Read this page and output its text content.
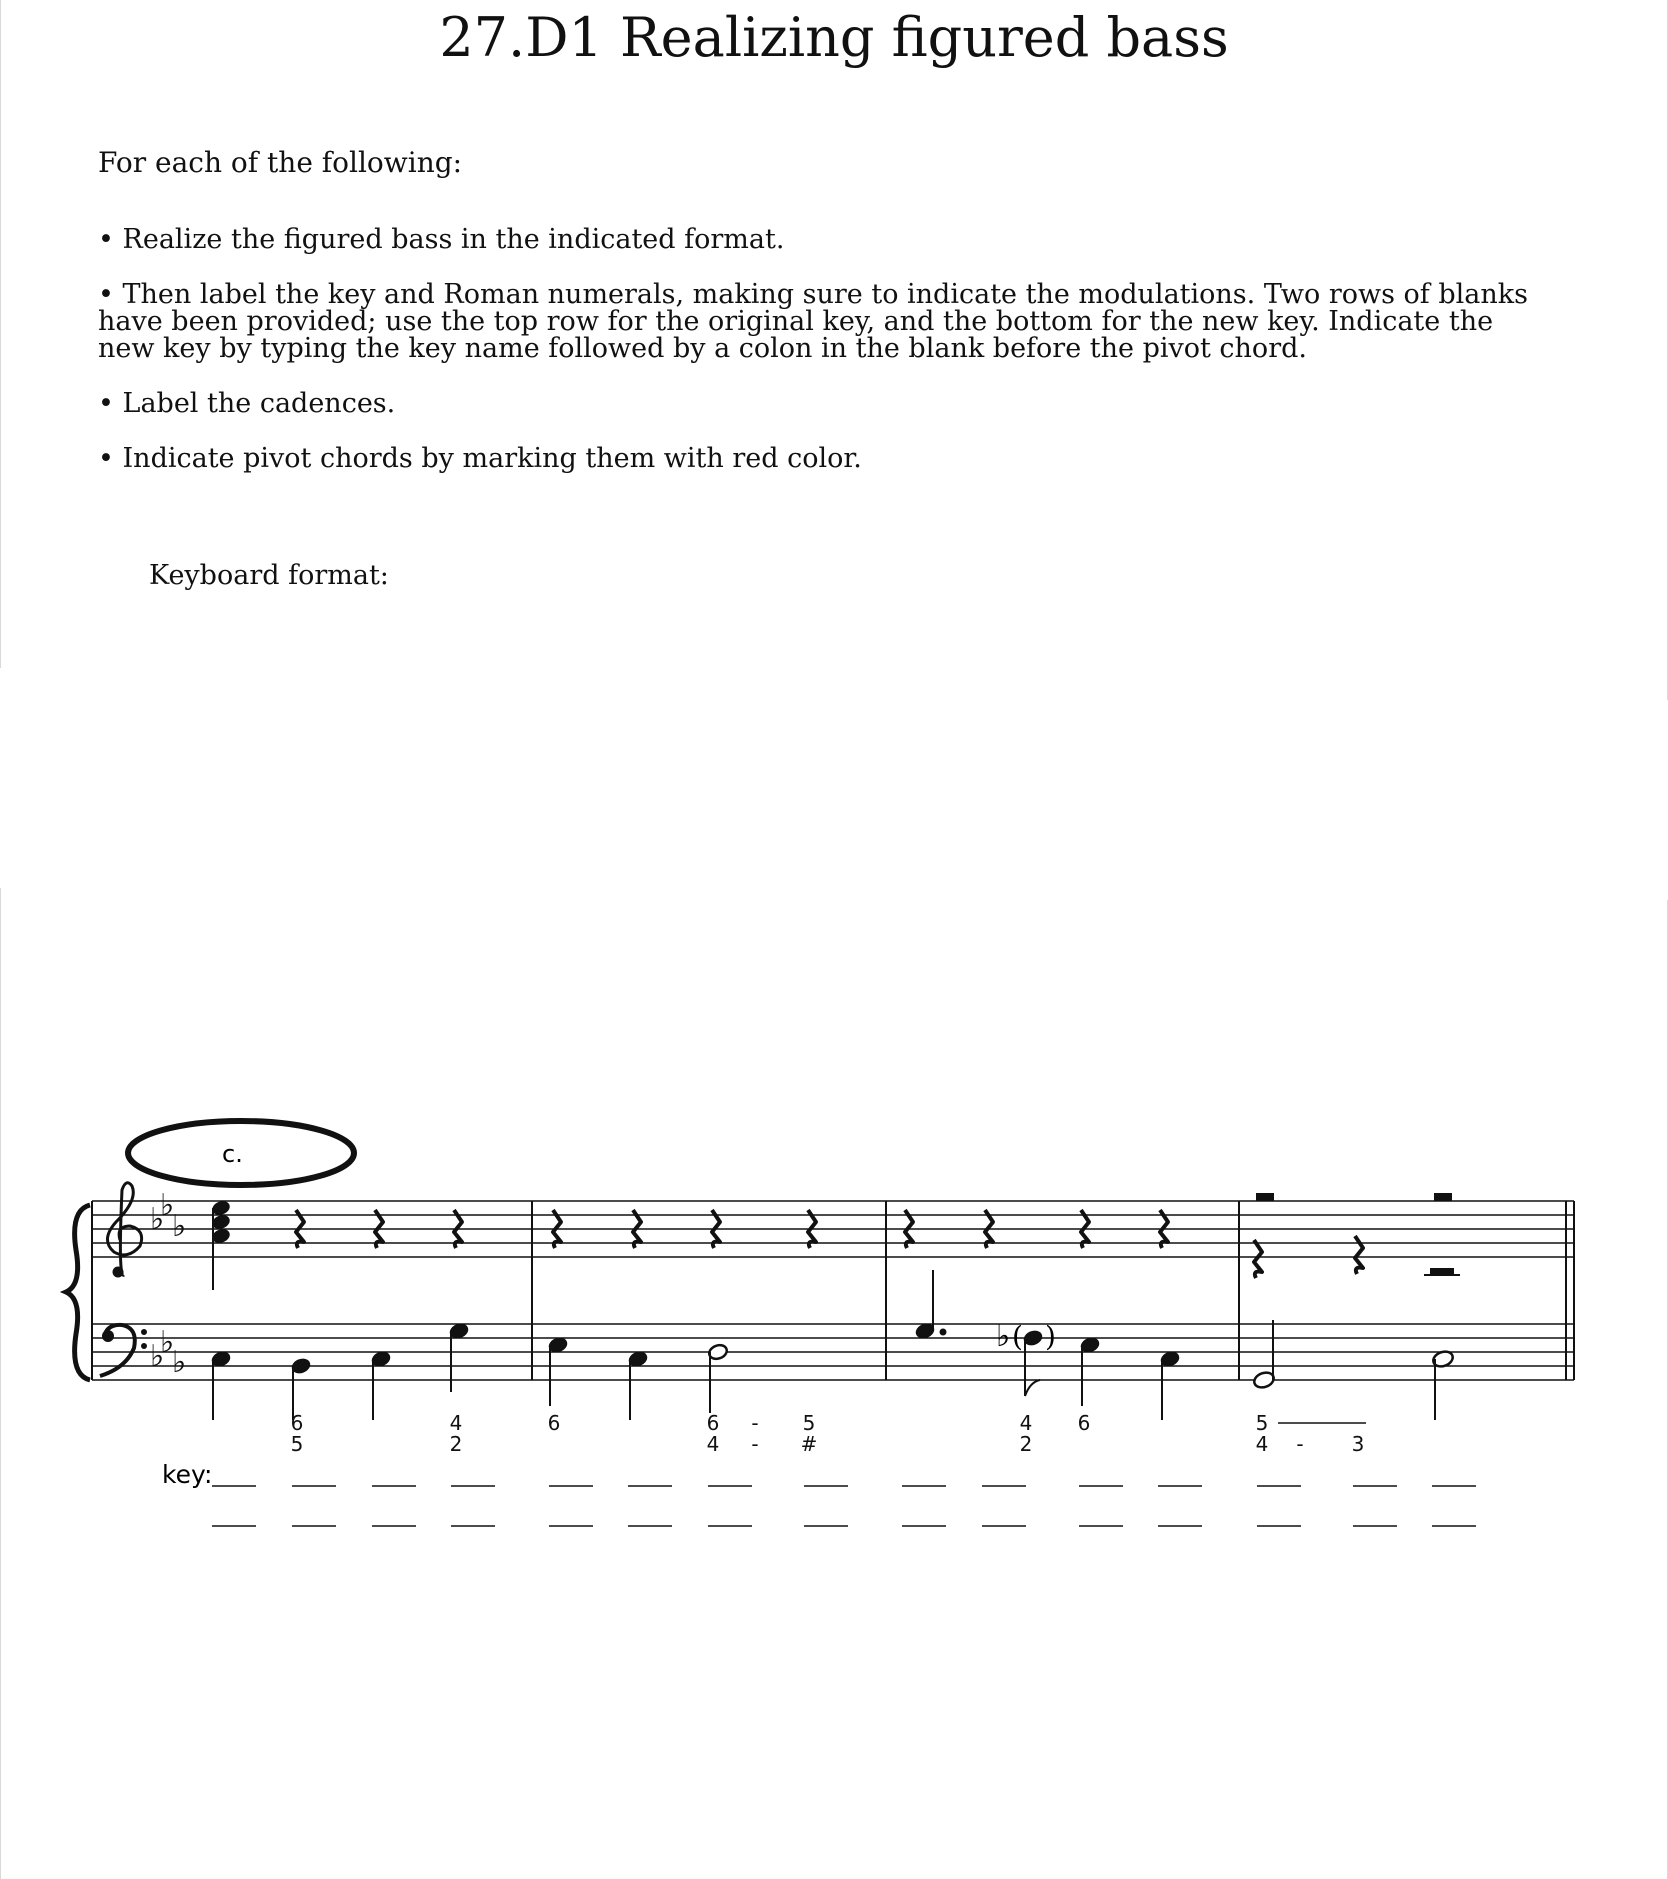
27.D1 Realizing figured bass
For each of the following:
• Realize the figured bass in the indicated format.
• Then label the key and Roman numerals, making sure to indicate the modulations. Two rows of blanks have been provided; use the top row for the original key, and the bottom for the new key. Indicate the new key by typing the key name followed by a colon in the blank before the pivot chord.
• Label the cadences.
• Indicate pivot chords by marking them with red color.
Keyboard format:
c.
♭
♭
♭
♭
♭
♭
♭ ( )
6
5
4
2
6	6
4
-
-
5
#
4
2
6	5
4 - 3
key:
